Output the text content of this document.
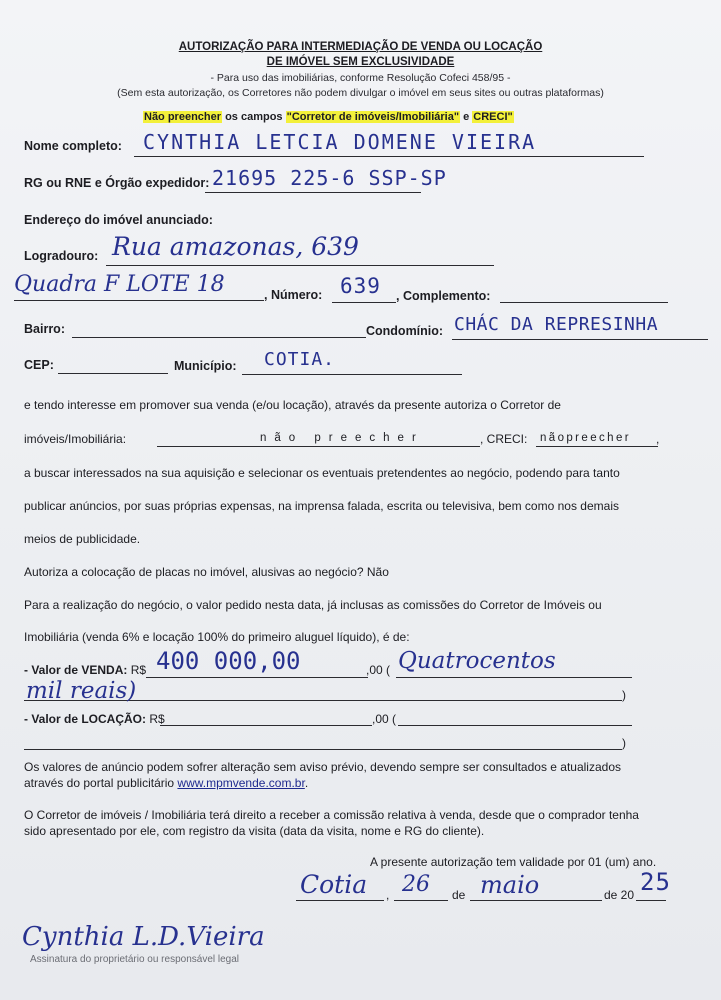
AUTORIZAÇÃO PARA INTERMEDIAÇÃO DE VENDA OU LOCAÇÃO
DE IMÓVEL SEM EXCLUSIVIDADE
- Para uso das imobiliárias, conforme Resolução Cofeci 458/95 -
(Sem esta autorização, os Corretores não podem divulgar o imóvel em seus sites ou outras plataformas)
Não preencher os campos "Corretor de imóveis/Imobiliária" e CRECI"
Nome completo: CYNTHIA LETCIA DOMENE VIEIRA
RG ou RNE e Órgão expedidor: 21695 225-6 SSP-SP
Endereço do imóvel anunciado:
Logradouro: Rua amazonas, 639
Quadra F LOTE 18	, Número: 639 , Complemento:
Bairro:	Condomínio: CHÁC DA REPRESINHA
CEP:	Município: COTIA.
e tendo interesse em promover sua venda (e/ou locação), através da presente autoriza o Corretor de
imóveis/Imobiliária:	não preecher	, CRECI: nãopreecher ,
a buscar interessados na sua aquisição e selecionar os eventuais pretendentes ao negócio, podendo para tanto
publicar anúncios, por suas próprias expensas, na imprensa falada, escrita ou televisiva, bem como nos demais
meios de publicidade.
Autoriza a colocação de placas no imóvel, alusivas ao negócio? Não
Para a realização do negócio, o valor pedido nesta data, já inclusas as comissões do Corretor de Imóveis ou
Imobiliária (venda 6% e locação 100% do primeiro aluguel líquido), é de:
- Valor de VENDA: R$ 400 000,00	,00 ( Quatrocentos
mil reais)	)
- Valor de LOCAÇÃO: R$	,00 (
)
Os valores de anúncio podem sofrer alteração sem aviso prévio, devendo sempre ser consultados e atualizados
através do portal publicitário www.mpmvende.com.br.
O Corretor de imóveis / Imobiliária terá direito a receber a comissão relativa à venda, desde que o comprador tenha
sido apresentado por ele, com registro da visita (data da visita, nome e RG do cliente).
A presente autorização tem validade por 01 (um) ano.
Cotia , 26 de maio	de 20 25
Cynthia L.D.Vieira
Assinatura do proprietário ou responsável legal
